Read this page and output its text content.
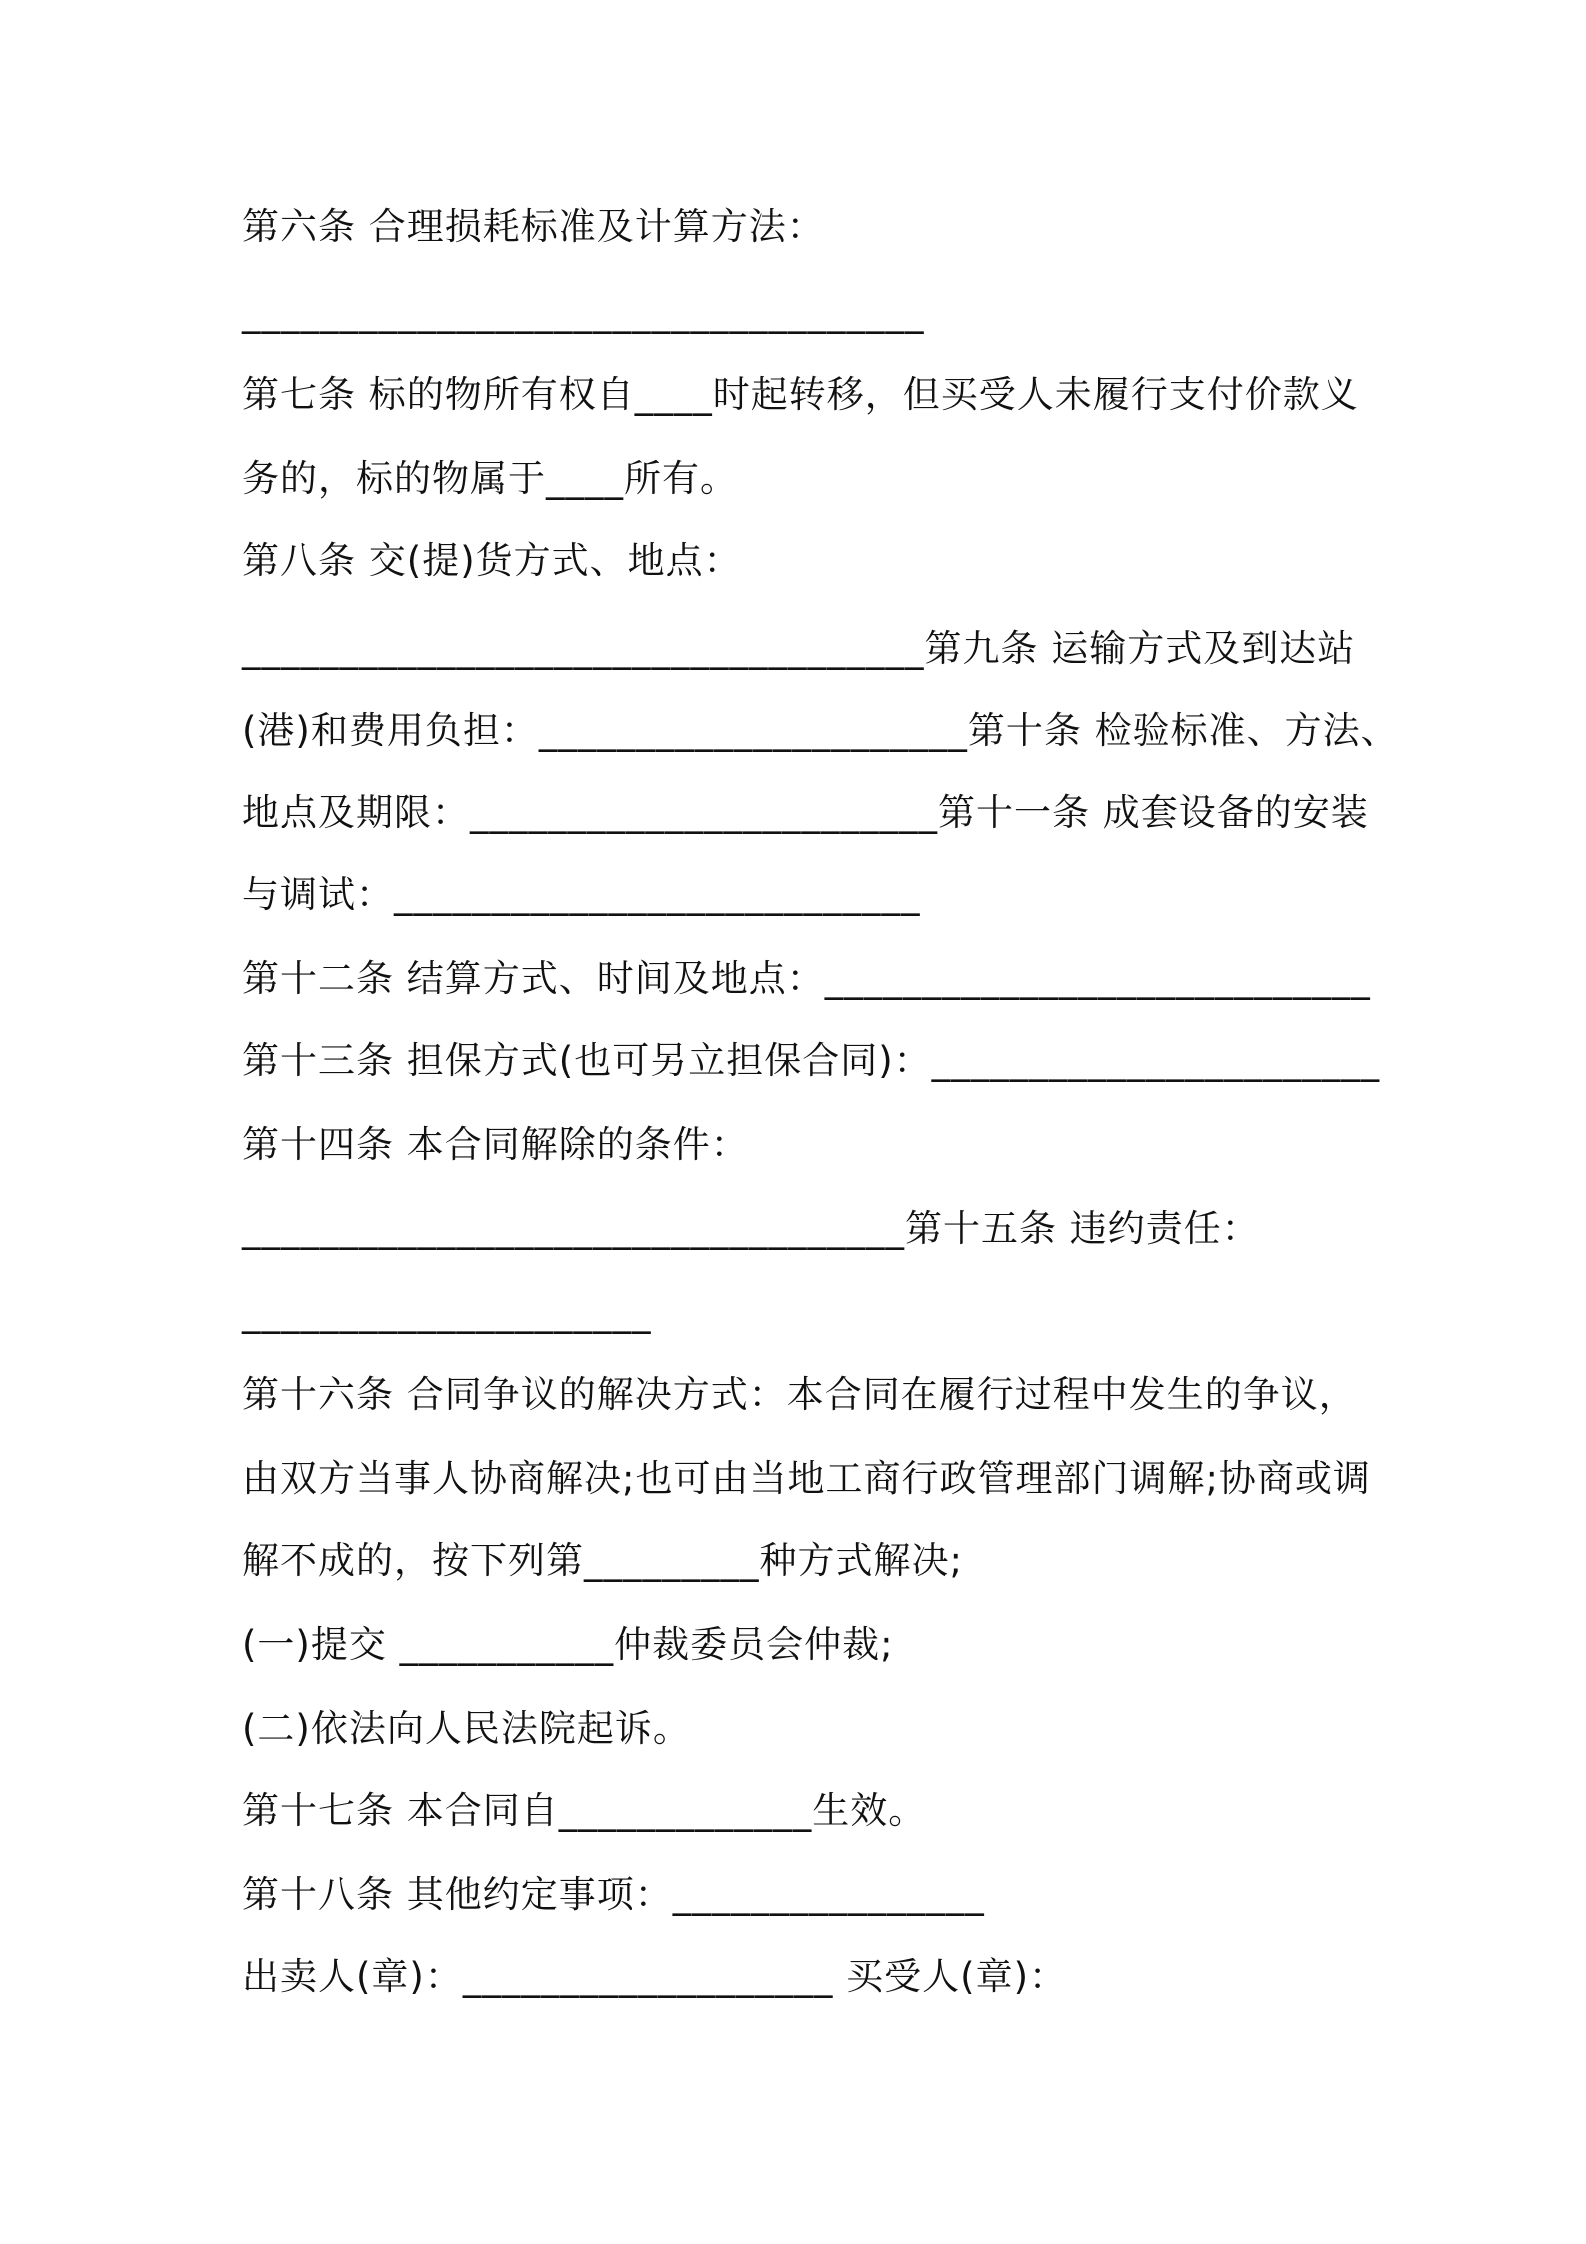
第六条 合理损耗标准及计算方法：
___________________________________
第七条 标的物所有权自____时起转移，但买受人未履行支付价款义
务的，标的物属于____所有。
第八条 交(提)货方式、地点：
___________________________________第九条 运输方式及到达站
(港)和费用负担：______________________第十条 检验标准、方法、
地点及期限：________________________第十一条 成套设备的安装
与调试：___________________________
第十二条 结算方式、时间及地点：____________________________
第十三条 担保方式(也可另立担保合同)：_______________________
第十四条 本合同解除的条件：
__________________________________第十五条 违约责任：
_____________________
第十六条 合同争议的解决方式：本合同在履行过程中发生的争议，
由双方当事人协商解决;也可由当地工商行政管理部门调解;协商或调
解不成的，按下列第_________种方式解决;
(一)提交 ___________仲裁委员会仲裁;
(二)依法向人民法院起诉。
第十七条 本合同自_____________生效。
第十八条 其他约定事项：________________
出卖人(章)：___________________ 买受人(章)：
